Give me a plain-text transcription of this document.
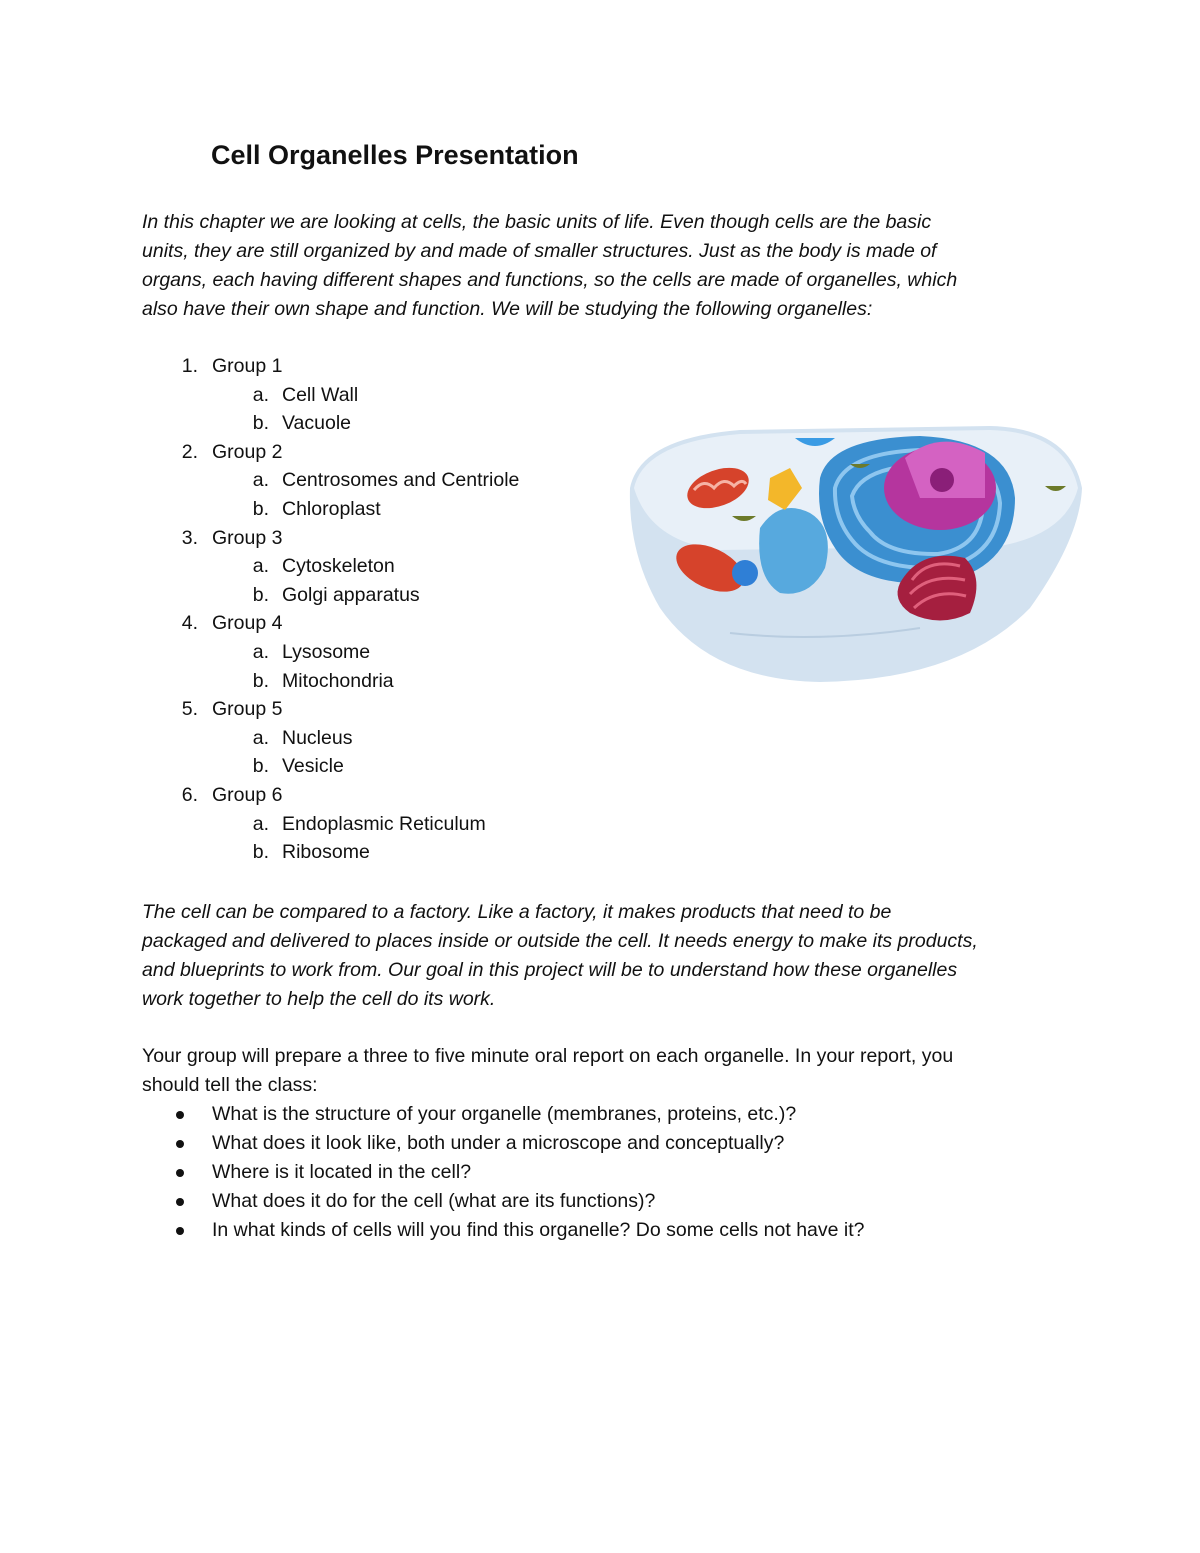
Cell Organelles Presentation

In this chapter we are looking at cells, the basic units of life. Even though cells are the basic
units, they are still organized by and made of smaller structures. Just as the body is made of
organs, each having different shapes and functions, so the cells are made of organelles, which
also have their own shape and function. We will be studying the following organelles:

1. Group 1
a. Cell Wall
b. Vacuole
2. Group 2
a. Centrosomes and Centriole
b. Chloroplast
3. Group 3
a. Cytoskeleton
b. Golgi apparatus
4. Group 4
a. Lysosome
b. Mitochondria
5. Group 5
a. Nucleus
b. Vesicle
6. Group 6
a. Endoplasmic Reticulum
b. Ribosome

The cell can be compared to a factory. Like a factory, it makes products that need to be
packaged and delivered to places inside or outside the cell. It needs energy to make its products,
and blueprints to work from. Our goal in this project will be to understand how these organelles
work together to help the cell do its work.

Your group will prepare a three to five minute oral report on each organelle. In your report, you
should tell the class:

What is the structure of your organelle (membranes, proteins, etc.)?
What does it look like, both under a microscope and conceptually?
Where is it located in the cell?
What does it do for the cell (what are its functions)?
In what kinds of cells will you find this organelle? Do some cells not have it?
